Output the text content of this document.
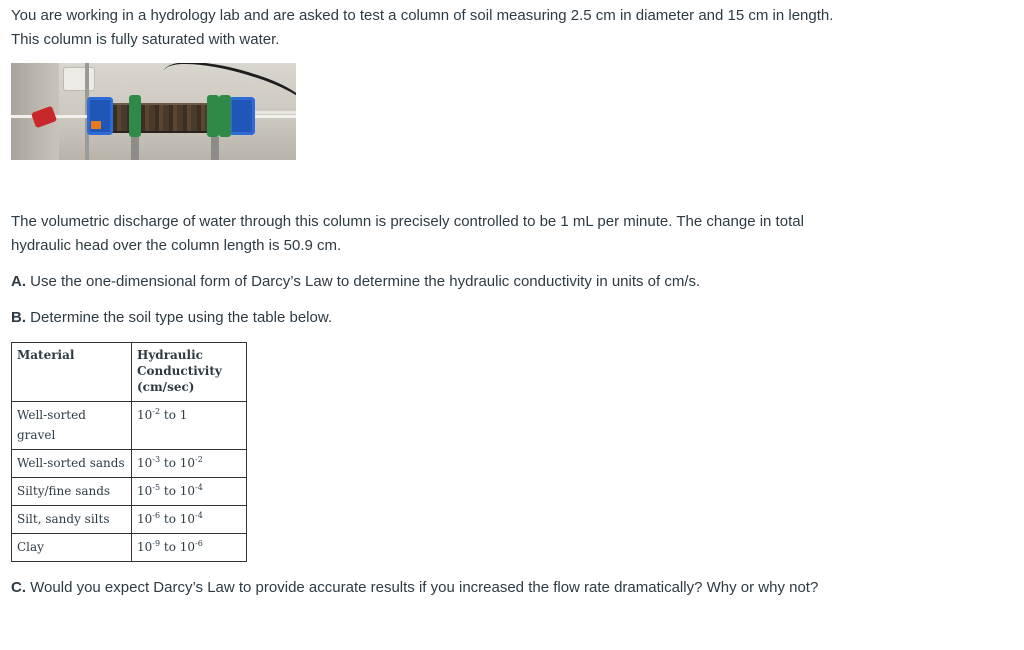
You are working in a hydrology lab and are asked to test a column of soil measuring 2.5 cm in diameter and 15 cm in length. This column is fully saturated with water.

The volumetric discharge of water through this column is precisely controlled to be 1 mL per minute. The change in total hydraulic head over the column length is 50.9 cm.

A. Use the one-dimensional form of Darcy’s Law to determine the hydraulic conductivity in units of cm/s.

B. Determine the soil type using the table below.

Material	Hydraulic
Conductivity
(cm/sec)
Well-sorted gravel	$10^{-2}$ to 1
Well-sorted sands	$10^{-3}$ to $10^{-2}$
Silty/fine sands	$10^{-5}$ to $10^{-4}$
Silt, sandy silts	$10^{-6}$ to $10^{-4}$
Clay	$10^{-9}$ to $10^{-6}$

C. Would you expect Darcy’s Law to provide accurate results if you increased the flow rate dramatically? Why or why not?
